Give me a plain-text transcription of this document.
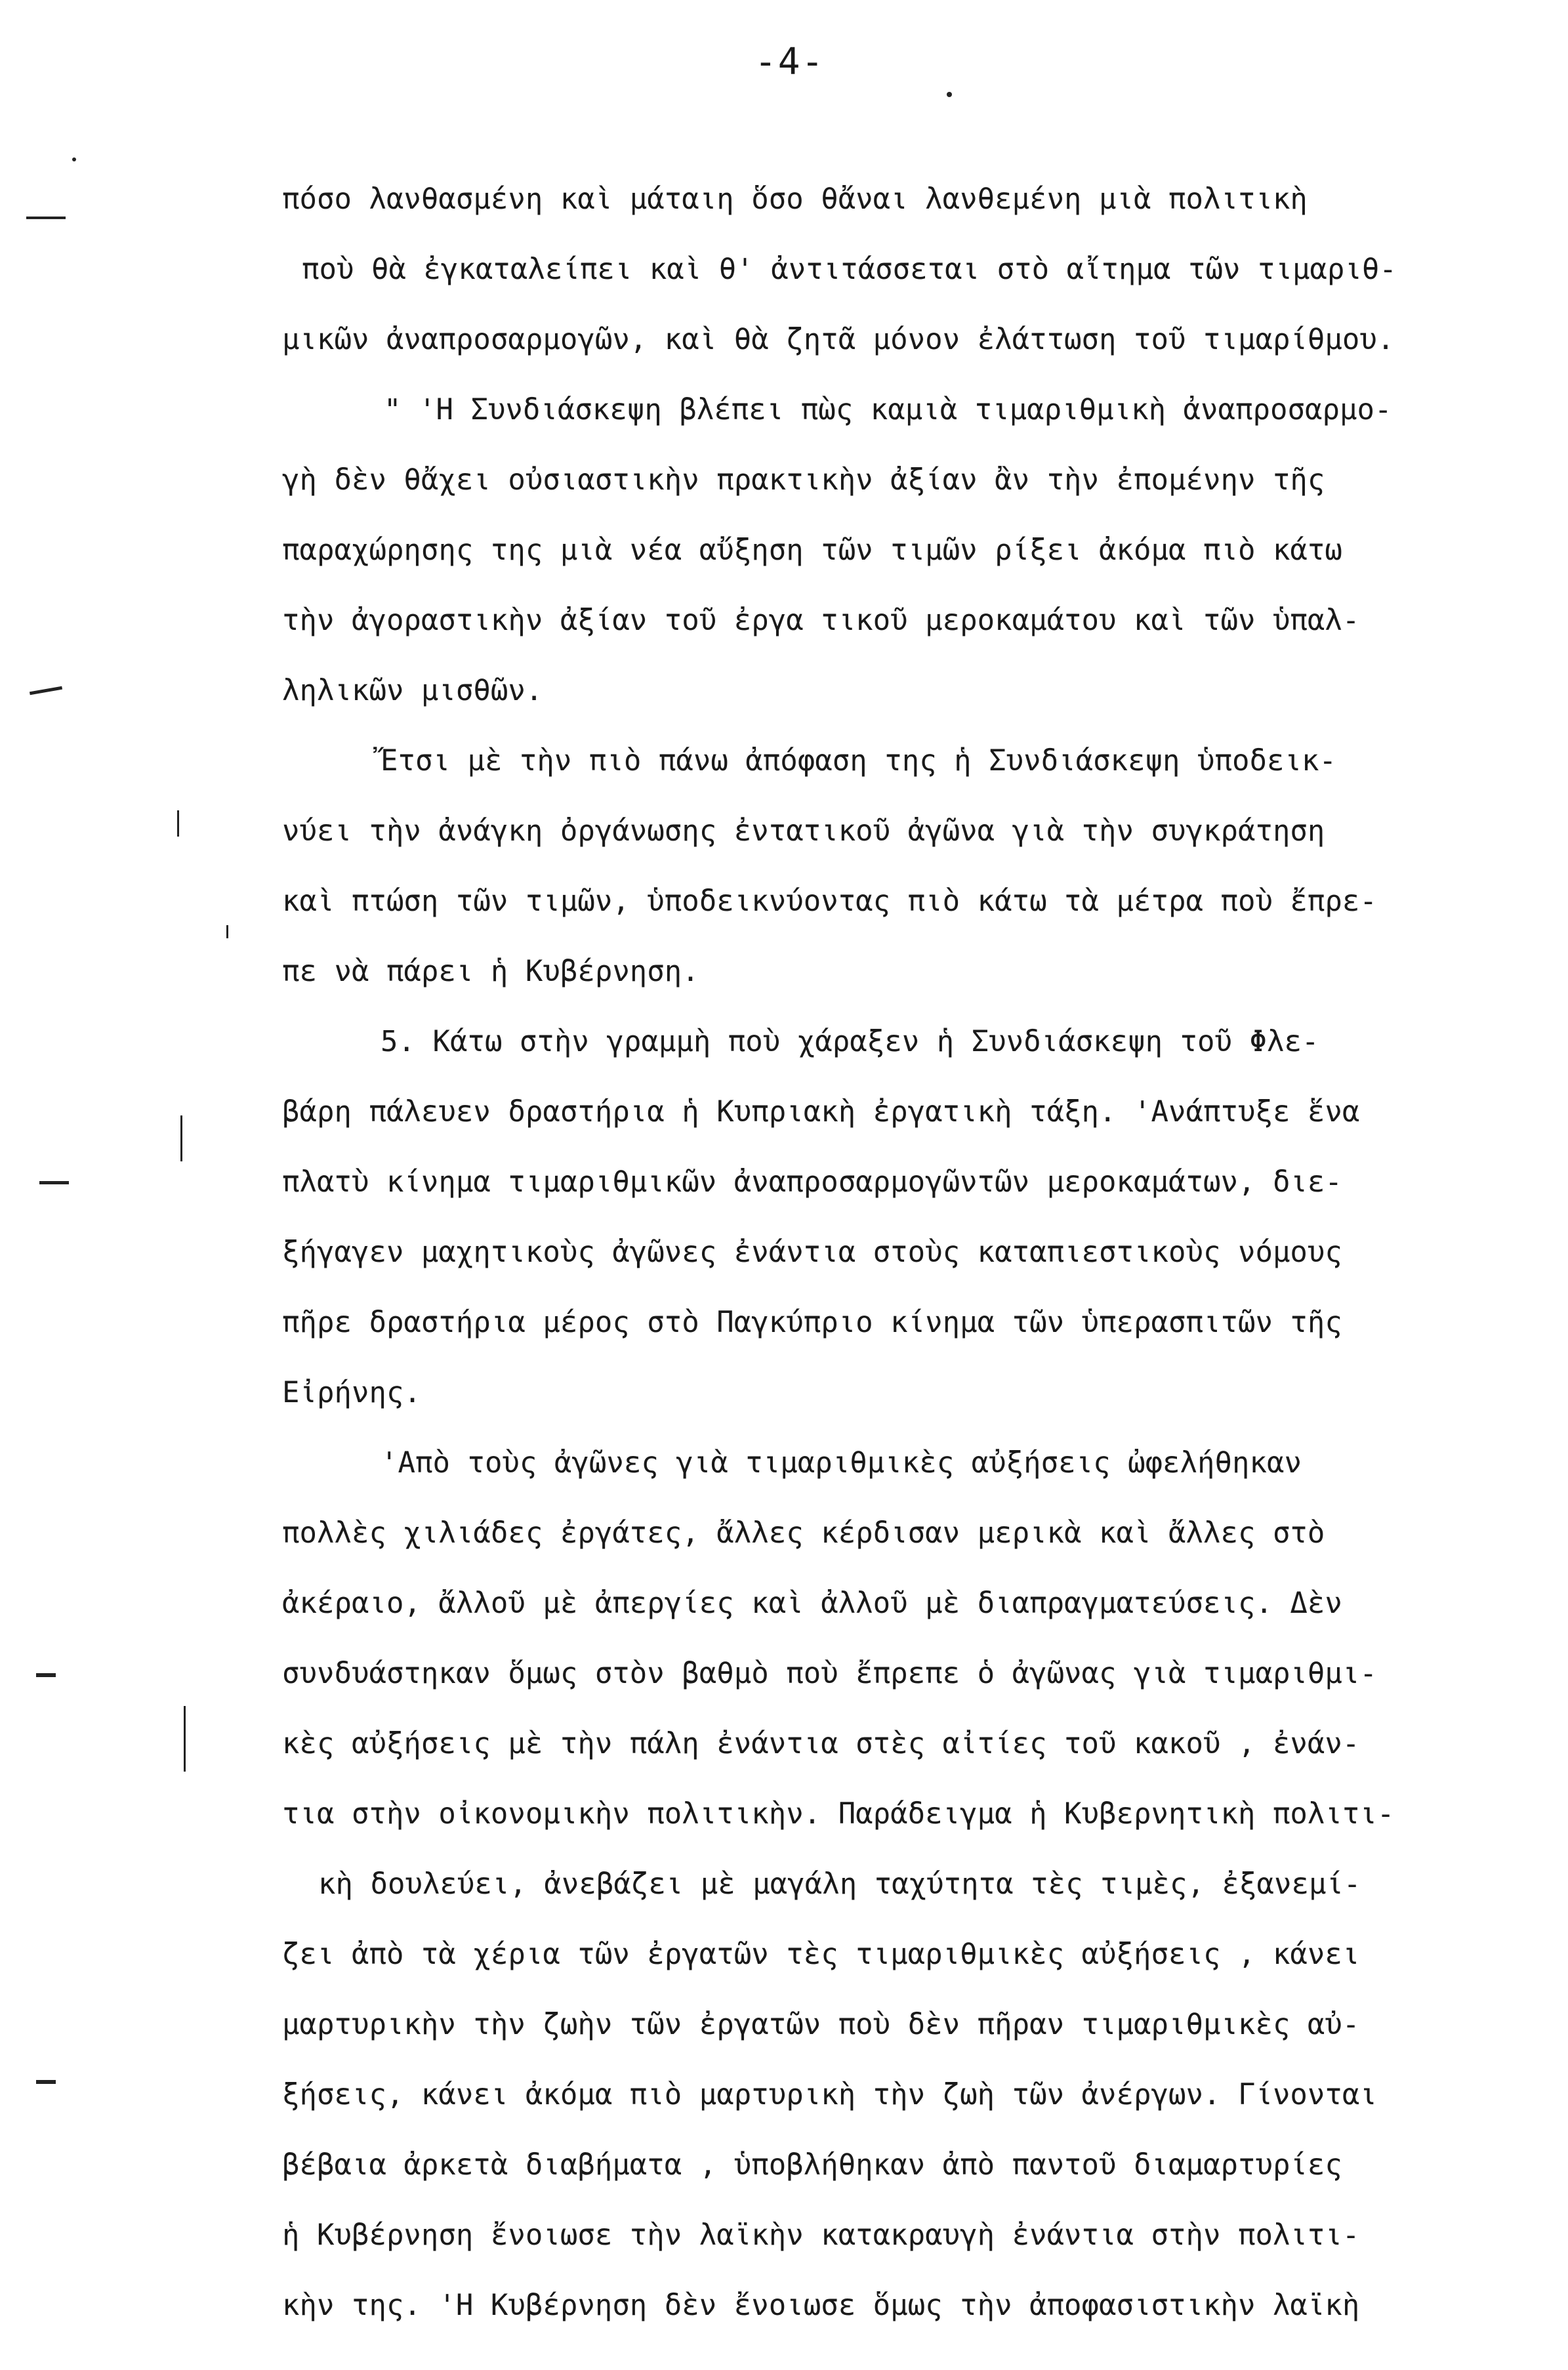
-4-
πόσο λανθασμένη καὶ μάταιη ὅσο θἄναι λανθεμένη μιὰ πολιτικὴ
ποὺ θὰ ἐγκαταλείπει καὶ θ' ἀντιτάσσεται στὸ αἴτημα τῶν τιμαριθ-
μικῶν ἀναπροσαρμογῶν, καὶ θὰ ζητᾶ μόνον ἐλάττωση τοῦ τιμαρίθμου.
" 'Η Συνδιάσκεψη βλέπει πὼς καμιὰ τιμαριθμικὴ ἀναπροσαρμο-
γὴ δὲν θἄχει οὐσιαστικὴν πρακτικὴν ἀξίαν ἂν τὴν ἐπομένην τῆς
παραχώρησης της μιὰ νέα αὔξηση τῶν τιμῶν ρίξει ἀκόμα πιὸ κάτω
τὴν ἀγοραστικὴν ἀξίαν τοῦ ἐργα τικοῦ μεροκαμάτου καὶ τῶν ὑπαλ-
ληλικῶν μισθῶν.
Ἔτσι μὲ τὴν πιὸ πάνω ἀπόφαση της ἡ Συνδιάσκεψη ὑποδεικ-
νύει τὴν ἀνάγκη ὀργάνωσης ἐντατικοῦ ἀγῶνα γιὰ τὴν συγκράτηση
καὶ πτώση τῶν τιμῶν, ὑποδεικνύοντας πιὸ κάτω τὰ μέτρα ποὺ ἔπρε-
πε νὰ πάρει ἡ Κυβέρνηση.
5. Κάτω στὴν γραμμὴ ποὺ χάραξεν ἡ Συνδιάσκεψη τοῦ Φλε-
βάρη πάλευεν δραστήρια ἡ Κυπριακὴ ἐργατικὴ τάξη. 'Ανάπτυξε ἕνα
πλατὺ κίνημα τιμαριθμικῶν ἀναπροσαρμογῶντῶν μεροκαμάτων, διε-
ξήγαγεν μαχητικοὺς ἀγῶνες ἐνάντια στοὺς καταπιεστικοὺς νόμους
πῆρε δραστήρια μέρος στὸ Παγκύπριο κίνημα τῶν ὑπερασπιτῶν τῆς
Εἰρήνης.
'Απὸ τοὺς ἀγῶνες γιὰ τιμαριθμικὲς αὐξήσεις ὠφελήθηκαν
πολλὲς χιλιάδες ἐργάτες, ἄλλες κέρδισαν μερικὰ καὶ ἄλλες στὸ
ἀκέραιο, ἄλλοῦ μὲ ἀπεργίες καὶ ἀλλοῦ μὲ διαπραγματεύσεις. Δὲν
συνδυάστηκαν ὅμως στὸν βαθμὸ ποὺ ἔπρεπε ὁ ἀγῶνας γιὰ τιμαριθμι-
κὲς αὐξήσεις μὲ τὴν πάλη ἐνάντια στὲς αἰτίες τοῦ κακοῦ , ἐνάν-
τια στὴν οἰκονομικὴν πολιτικὴν. Παράδειγμα ἡ Κυβερνητικὴ πολιτι-
κὴ δουλεύει, ἀνεβάζει μὲ μαγάλη ταχύτητα τὲς τιμὲς, ἐξανεμί-
ζει ἀπὸ τὰ χέρια τῶν ἐργατῶν τὲς τιμαριθμικὲς αὐξήσεις , κάνει
μαρτυρικὴν τὴν ζωὴν τῶν ἐργατῶν ποὺ δὲν πῆραν τιμαριθμικὲς αὐ-
ξήσεις, κάνει ἀκόμα πιὸ μαρτυρικὴ τὴν ζωὴ τῶν ἀνέργων. Γίνονται
βέβαια ἀρκετὰ διαβήματα , ὑποβλήθηκαν ἀπὸ παντοῦ διαμαρτυρίες
ἡ Κυβέρνηση ἔνοιωσε τὴν λαϊκὴν κατακραυγὴ ἐνάντια στὴν πολιτι-
κὴν της. 'Η Κυβέρνηση δὲν ἔνοιωσε ὅμως τὴν ἀποφασιστικὴν λαϊκὴ
